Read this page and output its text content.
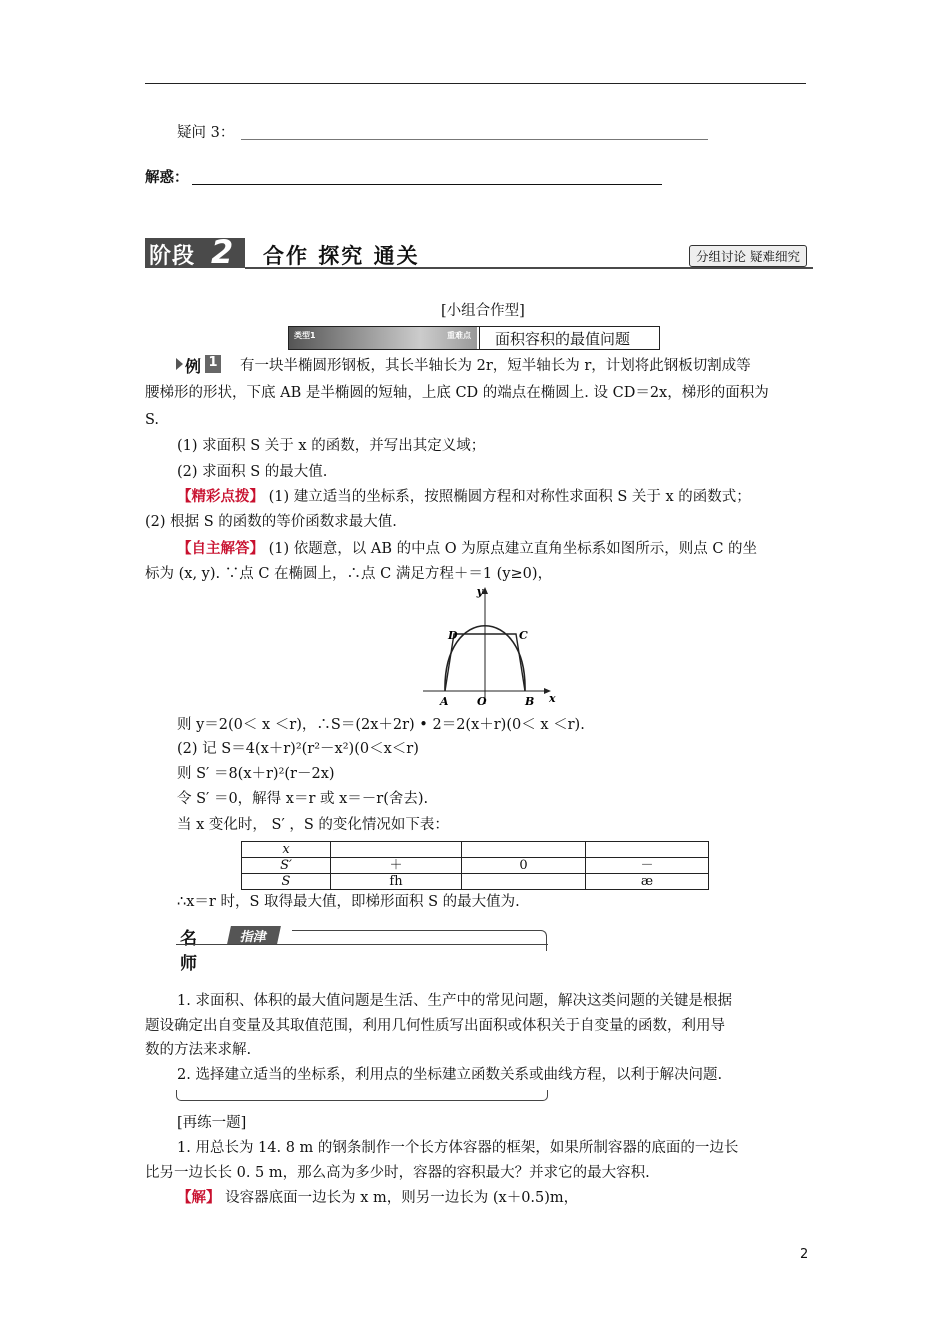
疑问 3：
解惑：
阶段 2	合作 探究 通关	分组讨论 疑难细究
[小组合作型]
类型1	重难点 面积容积的最值问题
例 1 有一块半椭圆形钢板，其长半轴长为 2r，短半轴长为 r，计划将此钢板切割成等
腰梯形的形状，下底 AB 是半椭圆的短轴，上底 CD 的端点在椭圆上. 设 CD＝2x，梯形的面积为
S.
(1) 求面积 S 关于 x 的函数，并写出其定义域；
(2) 求面积 S 的最大值.
【精彩点拨】 (1) 建立适当的坐标系，按照椭圆方程和对称性求面积 S 关于 x 的函数式；
(2) 根据 S 的函数的等价函数求最大值.
【自主解答】 (1) 依题意，以 AB 的中点 O 为原点建立直角坐标系如图所示，则点 C 的坐
标为 (x, y). ∵点 C 在椭圆上，∴点 C 满足方程＋＝1 (y≥0)，
y
x
D	C
A	O	B
则 y＝2(0＜ x ＜r)，∴S＝(2x＋2r) • 2＝2(x＋r)(0＜ x ＜r).
(2) 记 S＝4(x＋r)²(r²－x²)(0＜x＜r)
则 S′ ＝8(x＋r)²(r－2x)
令 S′ ＝0，解得 x＝r 或 x＝－r(舍去).
当 x 变化时， S′ ，S 的变化情况如下表：
x			
S′	＋	0	－
S	fh		æ
∴x＝r 时，S 取得最大值，即梯形面积 S 的最大值为.
名师
指津
1. 求面积、体积的最大值问题是生活、生产中的常见问题，解决这类问题的关键是根据
题设确定出自变量及其取值范围，利用几何性质写出面积或体积关于自变量的函数，利用导
数的方法来求解.
2. 选择建立适当的坐标系，利用点的坐标建立函数关系或曲线方程，以利于解决问题.
[再练一题]
1. 用总长为 14. 8 m 的钢条制作一个长方体容器的框架，如果所制容器的底面的一边长
比另一边长长 0. 5 m，那么高为多少时，容器的容积最大？并求它的最大容积.
【解】 设容器底面一边长为 x m，则另一边长为 (x＋0.5)m，
2
